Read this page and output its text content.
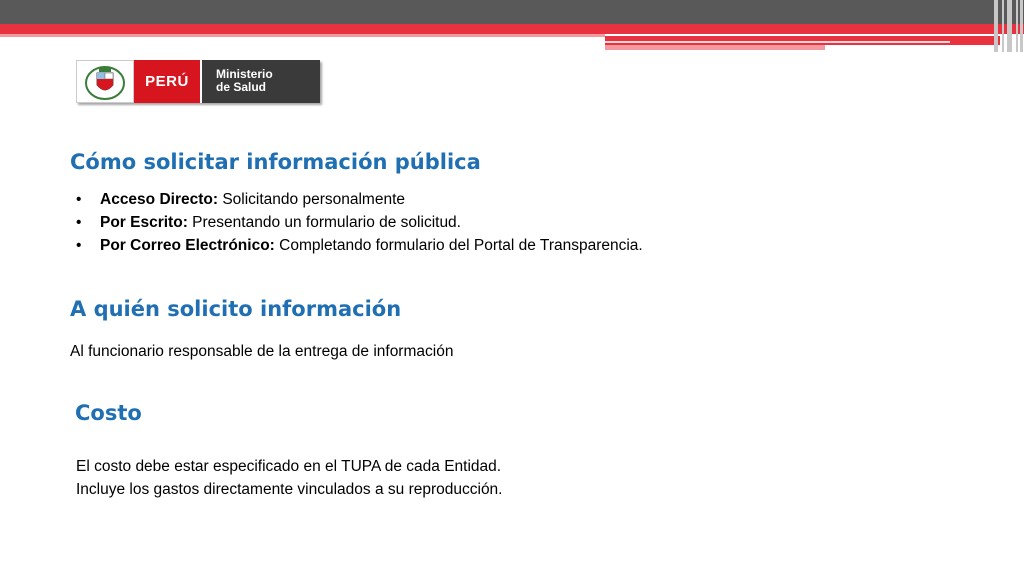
PERÚ	Ministerio
de Salud
Cómo solicitar información pública
• Acceso Directo: Solicitando personalmente
• Por Escrito: Presentando un formulario de solicitud.
• Por Correo Electrónico: Completando formulario del Portal de Transparencia.
A quién solicito información
Al funcionario responsable de la entrega de información
Costo
El costo debe estar especificado en el TUPA de cada Entidad.
Incluye los gastos directamente vinculados a su reproducción.
